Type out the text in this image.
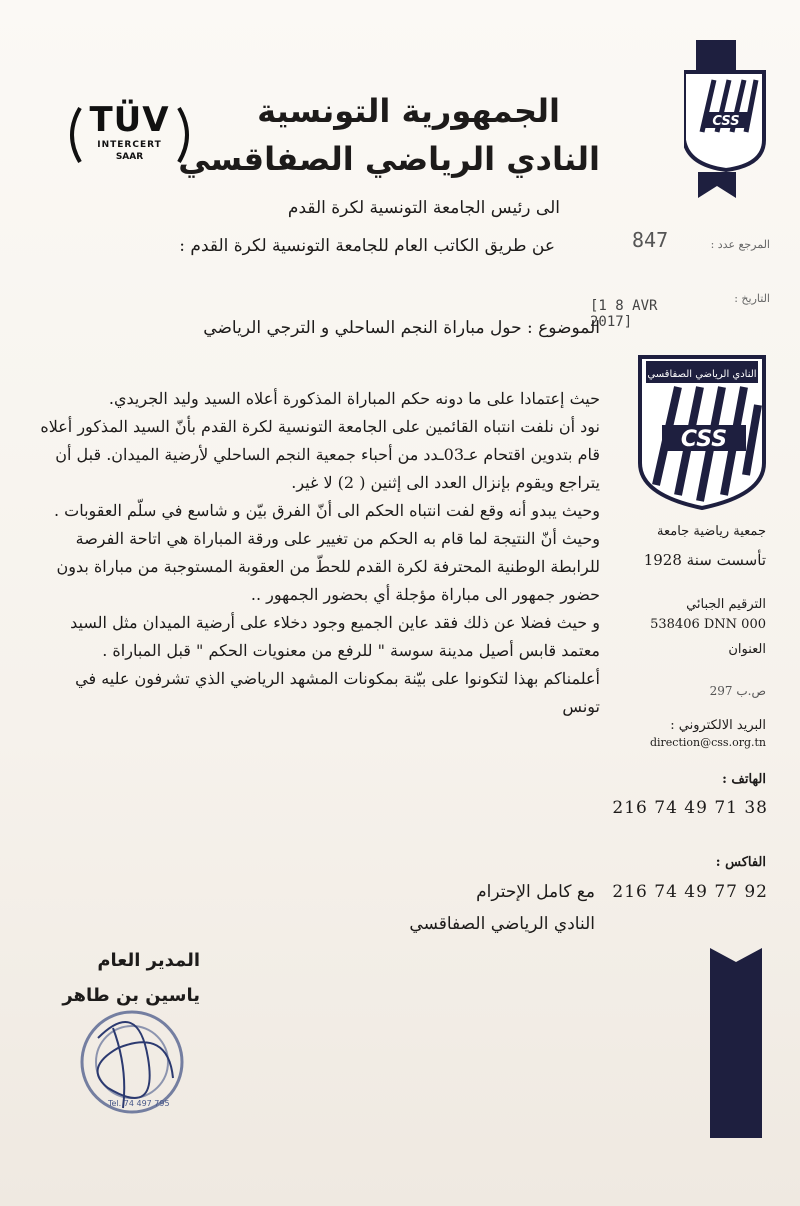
TÜV
INTERCERT
SAAR
الجمهورية التونسية
النادي الرياضي الصفاقسي
الى رئيس الجامعة التونسية لكرة القدم
عن طريق الكاتب العام للجامعة التونسية لكرة القدم :	المرجع عدد :
847
التاريخ :
[1 8 AVR 2017]
الموضوع : حول مباراة النجم الساحلي و الترجي الرياضي

حيث إعتمادا على ما دونه حكم المباراة المذكورة أعلاه السيد وليد الجريدي.

نود أن نلفت انتباه القائمين على الجامعة التونسية لكرة القدم بأنّ السيد المذكور أعلاه قام بتدوين اقتحام عـ03ـدد من أحباء جمعية النجم الساحلي لأرضية الميدان. قبل أن يتراجع ويقوم بإنزال العدد الى إثنين ( 2) لا غير.

وحيث يبدو أنه وقع لفت انتباه الحكم الى أنّ الفرق بيّن و شاسع في سلّم العقوبات .

وحيث أنّ النتيجة لما قام به الحكم من تغيير على ورقة المباراة هي اتاحة الفرصة للرابطة الوطنية المحترفة لكرة القدم للحطّ من العقوبة المستوجبة من مباراة بدون حضور جمهور الى مباراة مؤجلة أي بحضور الجمهور ..

و حيث فضلا عن ذلك فقد عاين الجميع وجود دخلاء على أرضية الميدان مثل السيد معتمد قابس أصيل مدينة سوسة " للرفع من معنويات الحكم " قبل المباراة .

أعلمناكم بهذا لتكونوا على بيّنة بمكونات المشهد الرياضي الذي تشرفون عليه في تونس

مع كامل الإحترام
النادي الرياضي الصفاقسي
المدير العام
ياسين بن طاهر
Tel. 74 497 795
CSS
النادي الرياضي الصفاقسي
CSS
جمعية رياضية جامعة
تأسست سنة 1928
الترقيم الجبائي
538406 DNN 000
العنوان
ص.ب 297
البريد الالكتروني :
direction@css.org.tn
الهاتف :
216 74 49 71 38
الفاكس :
216 74 49 77 92
